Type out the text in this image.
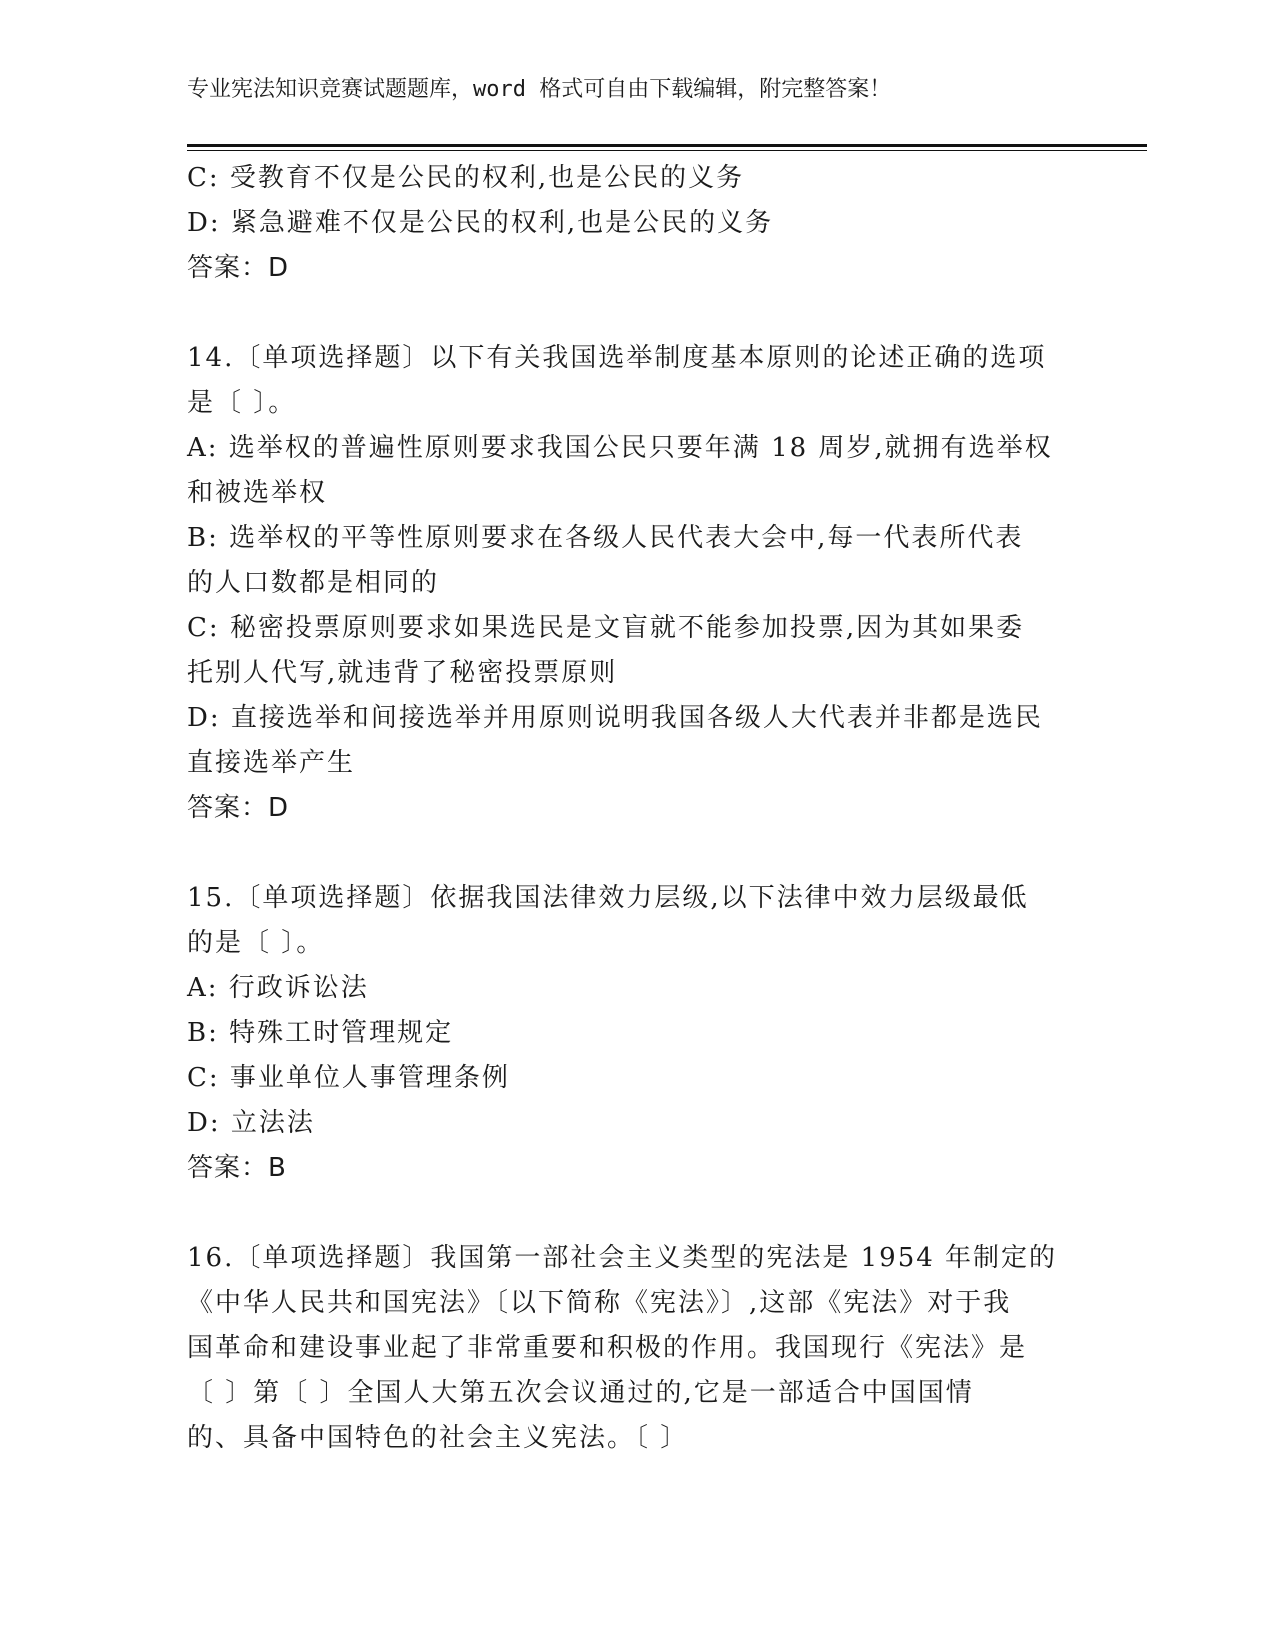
专业宪法知识竞赛试题题库，word 格式可自由下载编辑，附完整答案！
C: 受教育不仅是公民的权利,也是公民的义务
D: 紧急避难不仅是公民的权利,也是公民的义务
答案：D
14.〔单项选择题〕以下有关我国选举制度基本原则的论述正确的选项
是〔 〕。
A: 选举权的普遍性原则要求我国公民只要年满 18 周岁,就拥有选举权
和被选举权
B: 选举权的平等性原则要求在各级人民代表大会中,每一代表所代表
的人口数都是相同的
C: 秘密投票原则要求如果选民是文盲就不能参加投票,因为其如果委
托别人代写,就违背了秘密投票原则
D: 直接选举和间接选举并用原则说明我国各级人大代表并非都是选民
直接选举产生
答案：D
15.〔单项选择题〕依据我国法律效力层级,以下法律中效力层级最低
的是〔 〕。
A: 行政诉讼法
B: 特殊工时管理规定
C: 事业单位人事管理条例
D: 立法法
答案：B
16.〔单项选择题〕我国第一部社会主义类型的宪法是 1954 年制定的
《中华人民共和国宪法》〔以下简称《宪法》〕,这部《宪法》对于我
国革命和建设事业起了非常重要和积极的作用。我国现行《宪法》是
〔 〕第〔 〕全国人大第五次会议通过的,它是一部适合中国国情
的、具备中国特色的社会主义宪法。〔 〕
